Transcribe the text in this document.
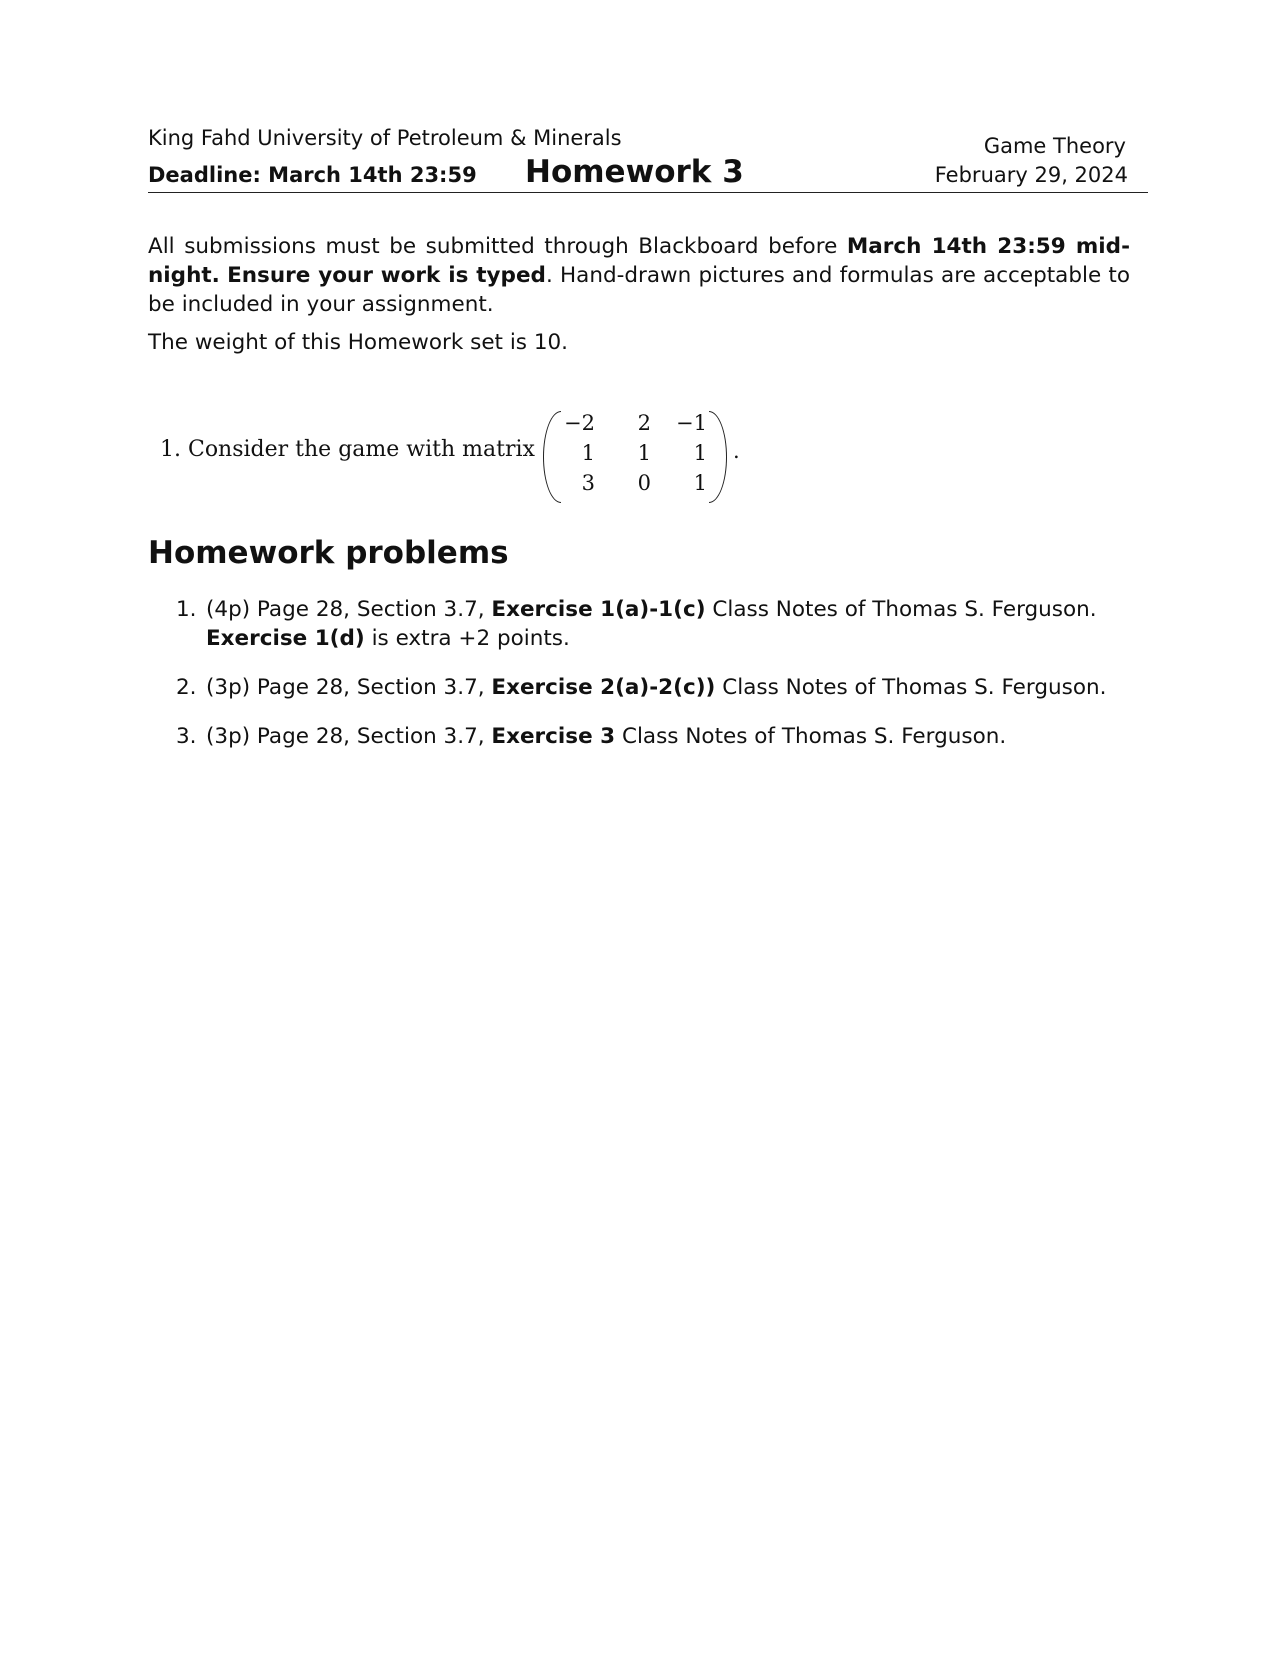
King Fahd University of Petroleum & Minerals
Deadline: March 14th 23:59 Homework 3
Game Theory
February 29, 2024
All submissions must be submitted through Blackboard before March 14th 23:59 mid-night. Ensure your work is typed. Hand-drawn pictures and formulas are acceptable to be included in your assignment.
The weight of this Homework set is 10.
1. Consider the game with matrix
−2	2	−1
1	1	1
3	0	1
.
Homework problems
1. (4p) Page 28, Section 3.7, Exercise 1(a)-1(c) Class Notes of Thomas S. Ferguson.
Exercise 1(d) is extra +2 points.
2. (3p) Page 28, Section 3.7, Exercise 2(a)-2(c)) Class Notes of Thomas S. Ferguson.
3. (3p) Page 28, Section 3.7, Exercise 3 Class Notes of Thomas S. Ferguson.
